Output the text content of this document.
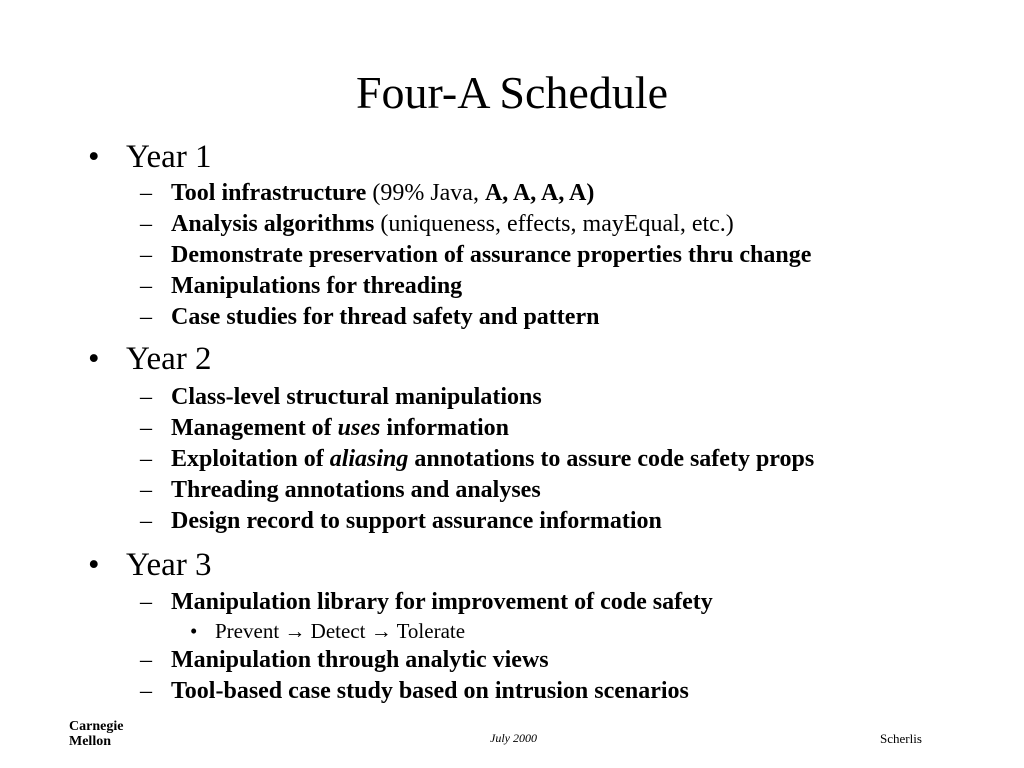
Four-A Schedule
• Year 1
– Tool infrastructure (99% Java, A, A, A, A)
– Analysis algorithms (uniqueness, effects, mayEqual, etc.)
– Demonstrate preservation of assurance properties thru change
– Manipulations for threading
– Case studies for thread safety and pattern
• Year 2
– Class-level structural manipulations
– Management of uses information
– Exploitation of aliasing annotations to assure code safety props
– Threading annotations and analyses
– Design record to support assurance information
• Year 3
– Manipulation library for improvement of code safety
• Prevent → Detect → Tolerate
– Manipulation through analytic views
– Tool-based case study based on intrusion scenarios
Carnegie
Mellon	July 2000	Scherlis
